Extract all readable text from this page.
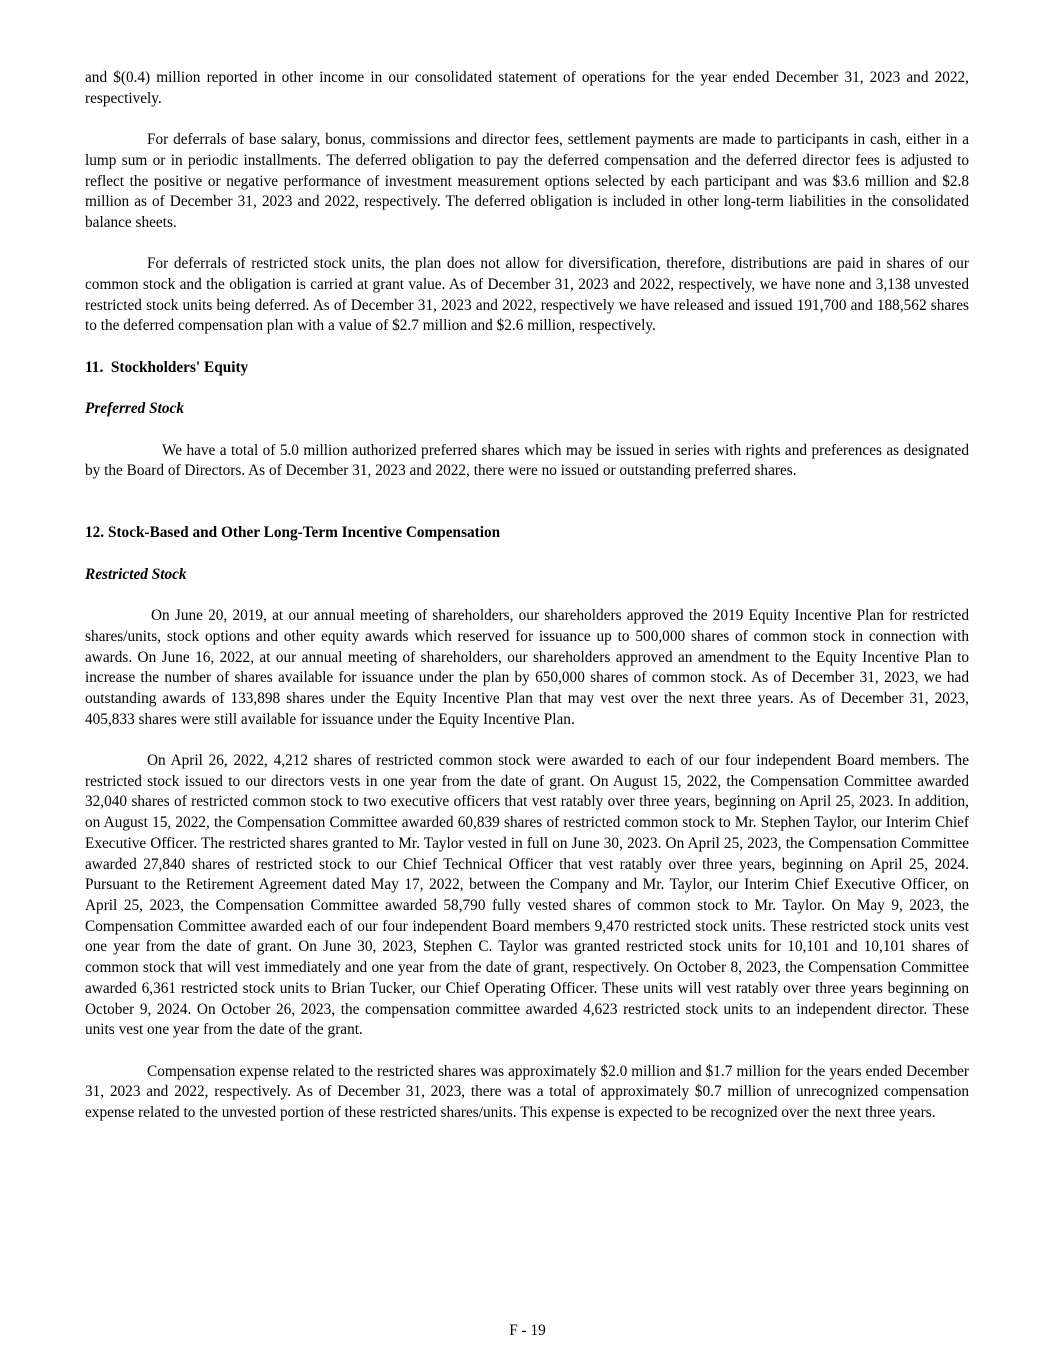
and $(0.4) million reported in other income in our consolidated statement of operations for the year ended December 31, 2023 and 2022, respectively.

For deferrals of base salary, bonus, commissions and director fees, settlement payments are made to participants in cash, either in a lump sum or in periodic installments. The deferred obligation to pay the deferred compensation and the deferred director fees is adjusted to reflect the positive or negative performance of investment measurement options selected by each participant and was $3.6 million and $2.8 million as of December 31, 2023 and 2022, respectively. The deferred obligation is included in other long-term liabilities in the consolidated balance sheets.

For deferrals of restricted stock units, the plan does not allow for diversification, therefore, distributions are paid in shares of our common stock and the obligation is carried at grant value. As of December 31, 2023 and 2022, respectively, we have none and 3,138 unvested restricted stock units being deferred. As of December 31, 2023 and 2022, respectively we have released and issued 191,700 and 188,562 shares to the deferred compensation plan with a value of $2.7 million and $2.6 million, respectively.

11.  Stockholders' Equity

Preferred Stock

We have a total of 5.0 million authorized preferred shares which may be issued in series with rights and preferences as designated by the Board of Directors. As of December 31, 2023 and 2022, there were no issued or outstanding preferred shares.

12. Stock-Based and Other Long-Term Incentive Compensation

Restricted Stock

On June 20, 2019, at our annual meeting of shareholders, our shareholders approved the 2019 Equity Incentive Plan for restricted shares/units, stock options and other equity awards which reserved for issuance up to 500,000 shares of common stock in connection with awards. On June 16, 2022, at our annual meeting of shareholders, our shareholders approved an amendment to the Equity Incentive Plan to increase the number of shares available for issuance under the plan by 650,000 shares of common stock. As of December 31, 2023, we had outstanding awards of 133,898 shares under the Equity Incentive Plan that may vest over the next three years. As of December 31, 2023, 405,833 shares were still available for issuance under the Equity Incentive Plan.

On April 26, 2022, 4,212 shares of restricted common stock were awarded to each of our four independent Board members. The restricted stock issued to our directors vests in one year from the date of grant. On August 15, 2022, the Compensation Committee awarded 32,040 shares of restricted common stock to two executive officers that vest ratably over three years, beginning on April 25, 2023. In addition, on August 15, 2022, the Compensation Committee awarded 60,839 shares of restricted common stock to Mr. Stephen Taylor, our Interim Chief Executive Officer. The restricted shares granted to Mr. Taylor vested in full on June 30, 2023. On April 25, 2023, the Compensation Committee awarded 27,840 shares of restricted stock to our Chief Technical Officer that vest ratably over three years, beginning on April 25, 2024. Pursuant to the Retirement Agreement dated May 17, 2022, between the Company and Mr. Taylor, our Interim Chief Executive Officer, on April 25, 2023, the Compensation Committee awarded 58,790 fully vested shares of common stock to Mr. Taylor. On May 9, 2023, the Compensation Committee awarded each of our four independent Board members 9,470 restricted stock units. These restricted stock units vest one year from the date of grant. On June 30, 2023, Stephen C. Taylor was granted restricted stock units for 10,101 and 10,101 shares of common stock that will vest immediately and one year from the date of grant, respectively. On October 8, 2023, the Compensation Committee awarded 6,361 restricted stock units to Brian Tucker, our Chief Operating Officer. These units will vest ratably over three years beginning on October 9, 2024. On October 26, 2023, the compensation committee awarded 4,623 restricted stock units to an independent director. These units vest one year from the date of the grant.

Compensation expense related to the restricted shares was approximately $2.0 million and $1.7 million for the years ended December 31, 2023 and 2022, respectively. As of December 31, 2023, there was a total of approximately $0.7 million of unrecognized compensation expense related to the unvested portion of these restricted shares/units. This expense is expected to be recognized over the next three years.

F - 19
